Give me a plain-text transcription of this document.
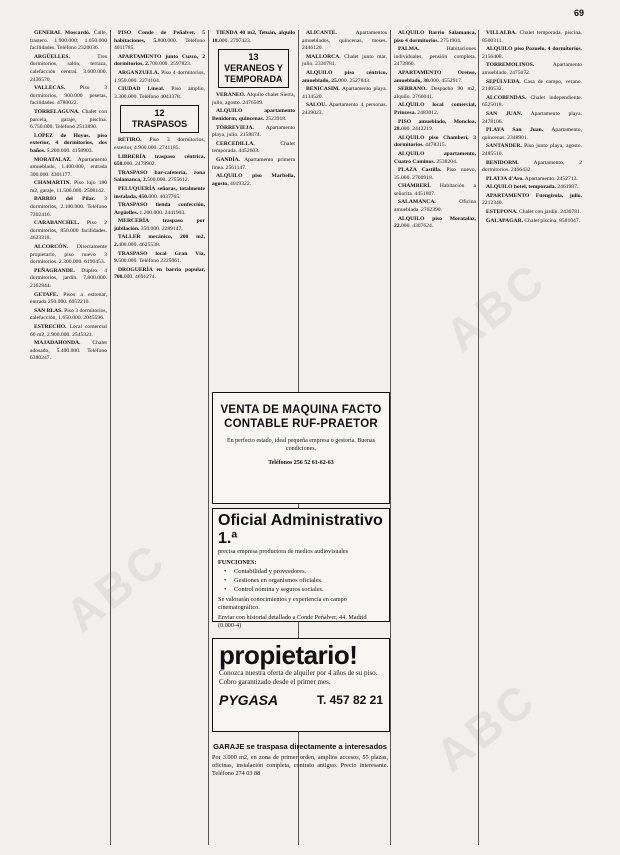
69

GENERAL Moscardó. Calle, trastero. 1.900.000; 1.050.000 facilidades. Teléfono 2320036.

ARGÜELLES. Tres dormitorios, salón, terraza, calefacción central. 3.600.000. 2436570.

VALLECAS. Piso 3 dormitorios, 900.000 pesetas, facilidades. 4780022.

TORRELAGUNA. Chalet con parcela, garaje, piscina. 6.750.000. Teléfono 2513890.

LOPEZ de Hoyos, piso exterior, 4 dormitorios, dos baños. 5.200.000. 4158903.

MORATALAZ. Apartamento amueblado, 1.400.000, entrada 300.000. 4301177.

CHAMARTIN. Piso lujo 180 m2, garaje, 11.500.000. 2508142.

BARRIO del Pilar. 3 dormitorios, 2.100.000. Teléfono 7302416.

CARABANCHEL. Piso 2 dormitorios, 850.000 facilidades. 4623318.

ALCORCÓN. Directamente propietario, piso nuevo 3 dormitorios. 2.300.000. 6190453.

PEÑAGRANDE. Dúplex 4 dormitorios, jardín. 7.800.000. 2162844.

GETAFE. Pisos a estrenar, entrada 250.000. 6952210.

SAN BLAS. Piso 3 dormitorios, calefacción, 1.650.000. 2045596.

ESTRECHO. Local comercial 60 m2, 2.900.000. 2545321.

MAJADAHONDA. Chalet adosado, 5.400.000. Teléfono 6380247.

PISO Conde de Peñalver, 5 habitaciones, 5.800.000. Teléfono 4011785.

APARTAMENTO junto Cuzco, 2 dormitorios, 2.700.000. 2597823.

ARGANZUELA. Piso 4 dormitorios, 1.950.000. 2274104.

CIUDAD Lineal. Piso amplio, 3.300.000. Teléfono 4043378.

12
TRASPASOS

RETIRO. Piso 3 dormitorios, exterior, 4.900.000. 2741185.

LIBRERÍA traspaso céntrica, 650.000. 2479902.

TRASPASO bar-cafetería, zona Salamanca, 3.500.000. 2755612.

PELUQUERÍA señoras, totalmente instalada, 450.000. 4037765.

TRASPASO tienda confección, Argüelles. 1.200.000. 2441903.

MERCERÍA traspaso por jubilación. 350.000. 2289147.

TALLER mecánico, 200 m2, 2.400.000. 4625538.

TRASPASO local Gran Vía, 9.500.000. Teléfono 2225061.

DROGUERÍA en barrio popular, 700.000. 4691274.

TIENDA 40 m2, Tetuán, alquilo 18.000. 2797423.

13
VERANEOS Y TEMPORADA

VERANEO. Alquilo chalet Sierra, julio, agosto. 2476509.

ALQUILO apartamento Benidorm, quincenas. 2523918.

TORREVIEJA. Apartamento playa, julio. 2158874.

CERCEDILLA. Chalet temporada. 4452603.

GANDÍA. Apartamento primera línea. 2561147.

ALQUILO piso Marbella, agosto. 4019322.

ALICANTE. Apartamentos amueblados, quincenas, meses. 2446120.

MALLORCA. Chalet junto mar, julio. 2336781.

ALQUILO piso céntrico, amueblado, 25.000. 2527843.

BENICASIM. Apartamento playa. 4134520.

SALOU. Apartamento 4 personas. 2439023.

ALQUILO Barrio Salamanca, piso 4 dormitorios. 2751904.

PALMA. Habitaciones individuales, pensión completa. 2472860.

APARTAMENTO Orense, amueblado, 30.000. 4552917.

SERRANO. Despacho 90 m2, alquilo. 2766041.

ALQUILO local comercial, Princesa. 2483012.

PISO amueblado, Moncloa, 28.000. 2442219.

ALQUILO piso Chamberí, 3 dormitorios. 4478315.

ALQUILO apartamento, Cuatro Caminos. 2538204.

PLAZA Castilla. Piso nuevo, 35.000. 2700918.

CHAMBERÍ. Habitación a señorita. 4451807.

SALAMANCA. Oficina amueblada. 2762390.

ALQUILO piso Moratalaz, 22.000. 4307624.

VILLALBA. Chalet temporada, piscina. 8500311.

ALQUILO piso Pozuelo, 4 dormitorios. 2156408.

TORREMOLINOS. Apartamento amueblado. 2475672.

SEPÚLVEDA. Casa de campo, verano. 2140532.

ALCOBENDAS. Chalet independiente. 6525018.

SAN JUAN. Apartamento playa. 2478106.

PLAYA San Juan. Apartamento, quincenas. 2348901.

SANTANDER. Piso junto playa, agosto. 2485510.

BENIDORM. Apartamento, 2 dormitorios. 2466432.

PLATJA d'Aro. Apartamento. 2452713.

ALQUILO hotel, temporada. 2461987.

APARTAMENTO Fuengirola, julio. 2212340.

ESTEPONA. Chalet con jardín. 2430781.

GALAPAGAR. Chalet piscina. 8581047.

VENTA DE MAQUINA FACTO
CONTABLE RUF-PRAETOR
En perfecto estado, ideal pequeña empresa o gestoría. Buenas condiciones.
Teléfonos 256 52 61-62-63
Oficial Administrativo 1.ª
precisa empresa productora de medios audiovisuales
FUNCIONES:
• Contabilidad y proveedores.
• Gestiones en organismos oficiales.
• Control nómina y seguros sociales.
Se valorarán conocimientos y experiencia en campo cinematográfico.
Enviar con historial detallado a Conde Peñalver, 44. Madrid (0.000-4)
propietario!
Conozca nuestra oferta de alquiler por 4 años de su piso. Cobro garantizado desde el primer mes.
PYGASA	T. 457 82 21
GARAJE se traspasa directamente a interesados
Por 3.000 m2, en zona de primer orden, amplios accesos, 55 plazas, oficinas, instalación completa, contrato antiguo. Precio interesante. Teléfono 274 03 88
ABC
ABC
ABC
